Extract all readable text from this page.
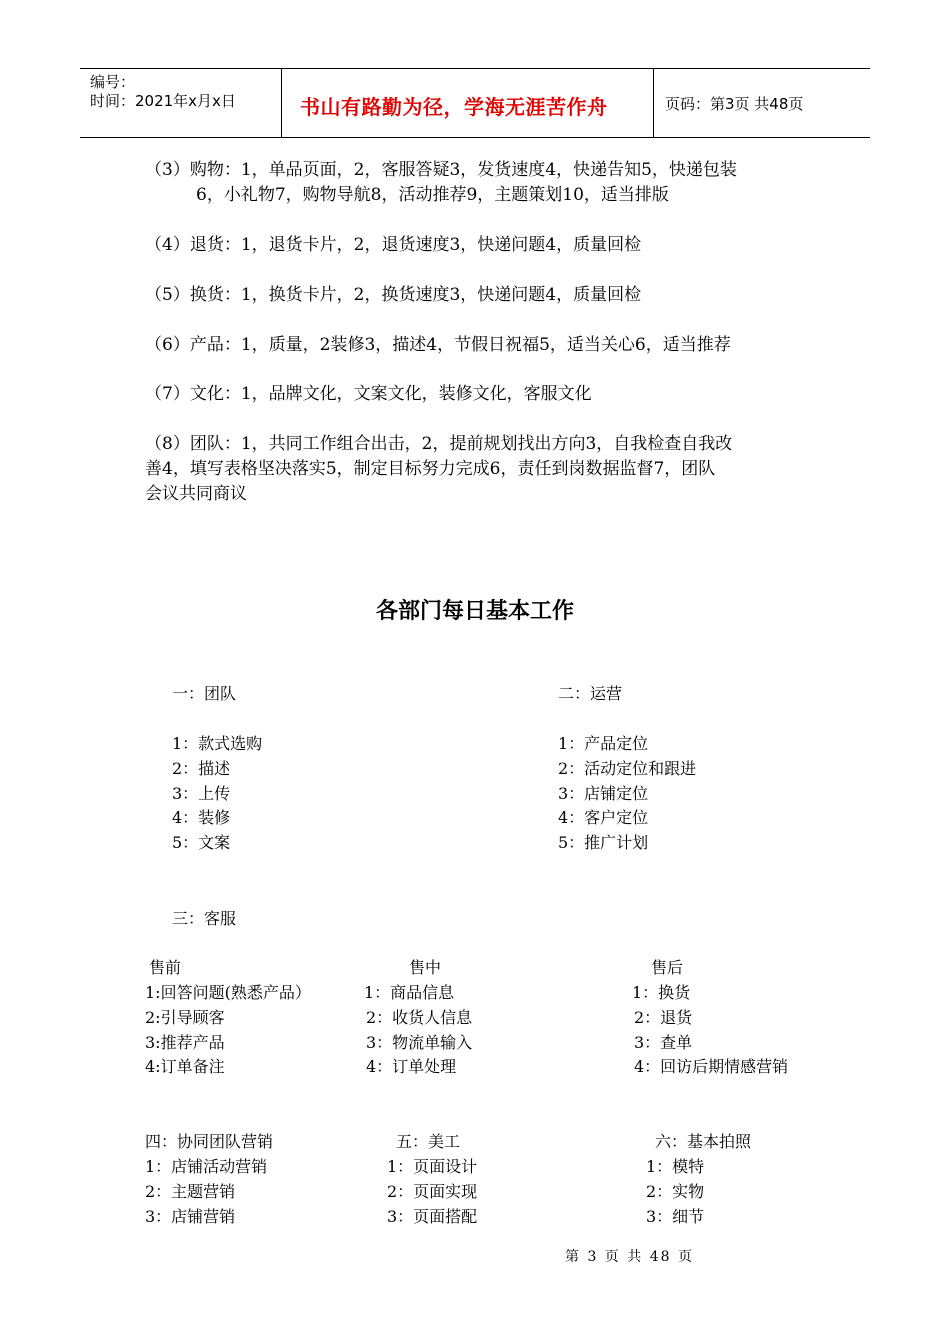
编号：
时间：2021年x月x日	书山有路勤为径，学海无涯苦作舟	页码：第3页 共48页
（3）购物：1，单品页面，2，客服答疑3，发货速度4，快递告知5，快递包装
6，小礼物7，购物导航8，活动推荐9，主题策划10，适当排版
（4）退货：1，退货卡片，2，退货速度3，快递问题4，质量回检
（5）换货：1，换货卡片，2，换货速度3，快递问题4，质量回检
（6）产品：1，质量，2装修3，描述4，节假日祝福5，适当关心6，适当推荐
（7）文化：1，品牌文化，文案文化，装修文化，客服文化
（8）团队：1，共同工作组合出击，2，提前规划找出方向3，自我检查自我改
善4，填写表格坚决落实5，制定目标努力完成6，责任到岗数据监督7，团队
会议共同商议
各部门每日基本工作
一：团队
1：款式选购
2：描述
3：上传
4：装修
5：文案
二：运营
1：产品定位
2：活动定位和跟进
3：店铺定位
4：客户定位
5：推广计划
三：客服
售前
1:回答问题(熟悉产品）
2:引导顾客
3:推荐产品
4:订单备注
售中
1：商品信息
2：收货人信息
3：物流单输入
4：订单处理
售后
1：换货
2：退货
3：查单
4：回访后期情感营销
四：协同团队营销
1：店铺活动营销
2：主题营销
3：店铺营销
五：美工
1：页面设计
2：页面实现
3：页面搭配
六：基本拍照
1：模特
2：实物
3：细节
第 3 页 共 48 页
